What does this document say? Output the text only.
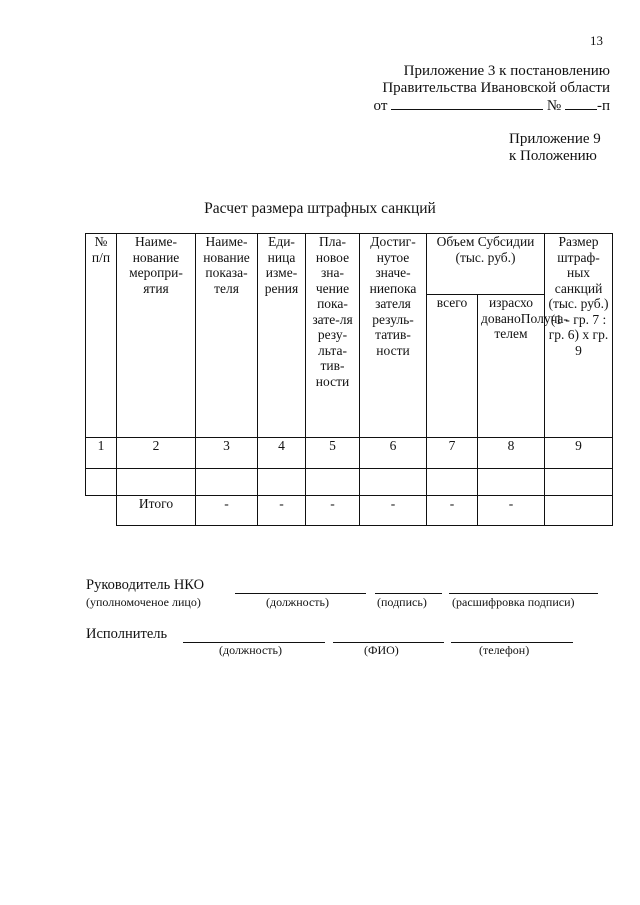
13
Приложение 3 к постановлению
Правительства Ивановской области
от	№ -п
Приложение 9
к Положению
Расчет размера штрафных санкций
№ п/п	Наиме-нование меропри-ятия	Наиме-нование показа-теля	Еди-ница изме-рения	Пла-новое зна-чение пока-зате-ля резу-льта-тив-ности	Достиг-нутое значе-ниепока зателя резуль-татив-ности	Объем Субсидии (тыс. руб.)		Размер штраф-ных санкций (тыс. руб.) (1 - гр. 7 : гр. 6) х гр. 9

						всего	израсхо дованоПолуча-телем	

1	2	3	4	5	6	7	8	9

	Итого	-	-	-	-	-	-	
Руководитель НКО
(уполномоченое лицо)	(должность)	(подпись) (расшифровка подписи)
Исполнитель
(должность)	(ФИО)	(телефон)
